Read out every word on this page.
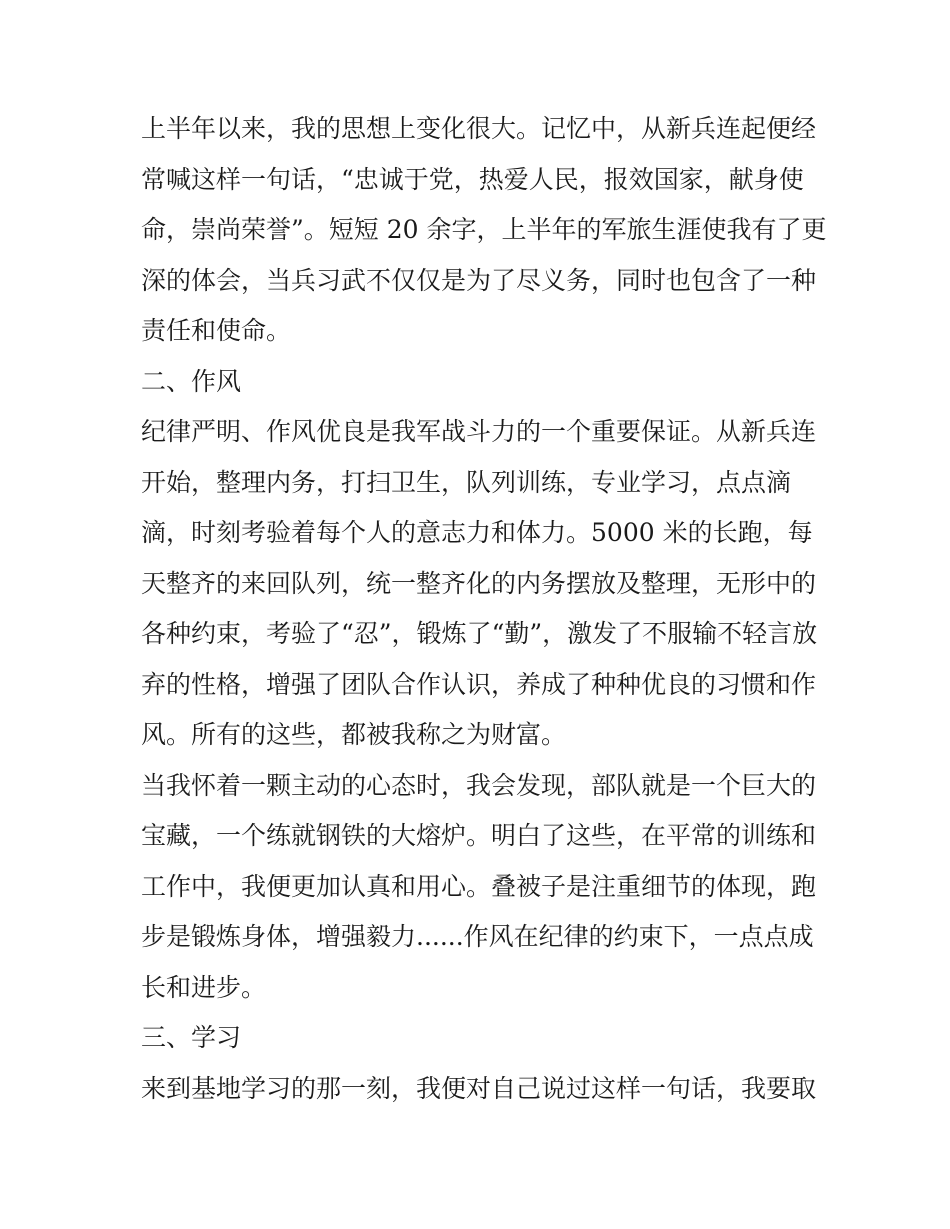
上半年以来，我的思想上变化很大。记忆中，从新兵连起便经
常喊这样一句话，“忠诚于党，热爱人民，报效国家，献身使
命，崇尚荣誉”。短短 20 余字，上半年的军旅生涯使我有了更
深的体会，当兵习武不仅仅是为了尽义务，同时也包含了一种
责任和使命。
二、作风
纪律严明、作风优良是我军战斗力的一个重要保证。从新兵连
开始，整理内务，打扫卫生，队列训练，专业学习，点点滴
滴，时刻考验着每个人的意志力和体力。5000 米的长跑，每
天整齐的来回队列，统一整齐化的内务摆放及整理，无形中的
各种约束，考验了“忍”，锻炼了“勤”，激发了不服输不轻言放
弃的性格，增强了团队合作认识，养成了种种优良的习惯和作
风。所有的这些，都被我称之为财富。
当我怀着一颗主动的心态时，我会发现，部队就是一个巨大的
宝藏，一个练就钢铁的大熔炉。明白了这些，在平常的训练和
工作中，我便更加认真和用心。叠被子是注重细节的体现，跑
步是锻炼身体，增强毅力......作风在纪律的约束下，一点点成
长和进步。
三、学习
来到基地学习的那一刻，我便对自己说过这样一句话，我要取
